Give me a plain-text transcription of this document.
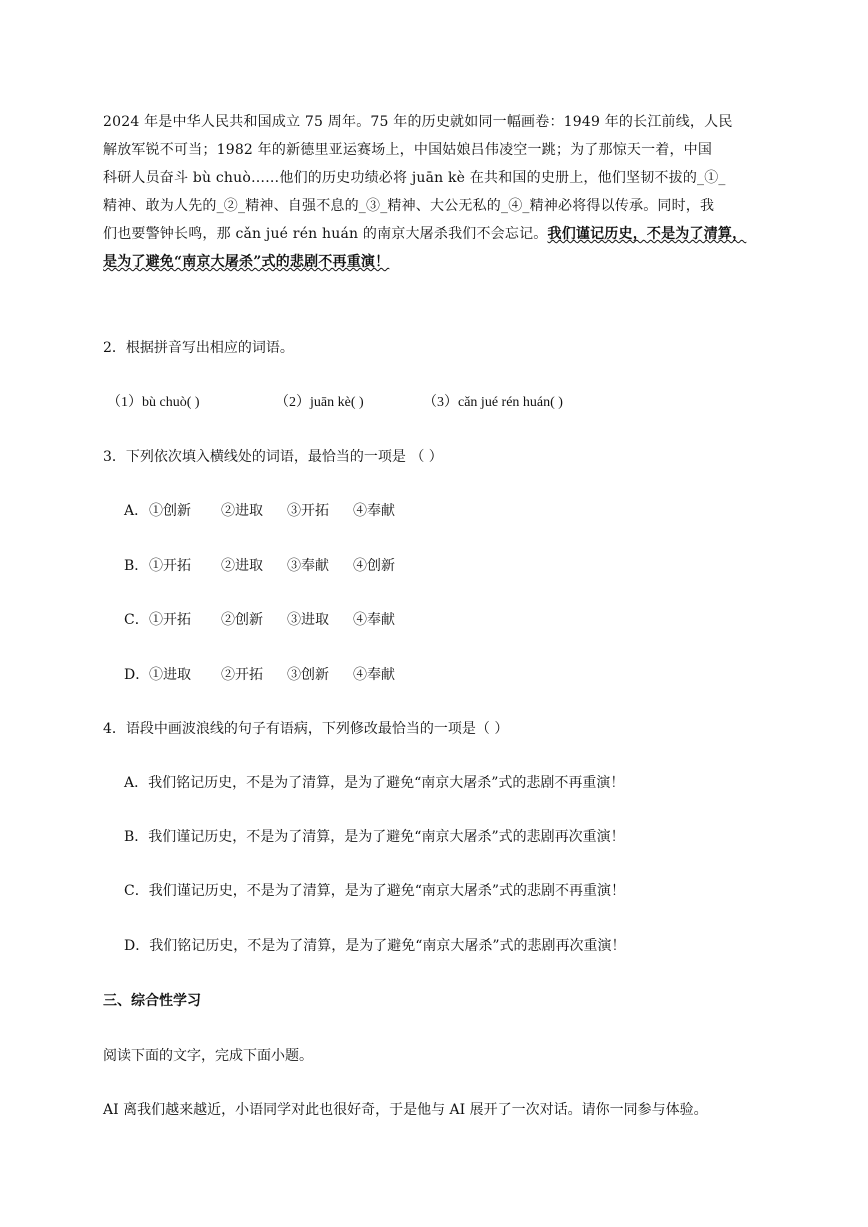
2024 年是中华人民共和国成立 75 周年。75 年的历史就如同一幅画卷：1949 年的长江前线，人民
解放军锐不可当；1982 年的新德里亚运赛场上，中国姑娘吕伟凌空一跳；为了那惊天一着，中国
科研人员奋斗 bù chuò……他们的历史功绩必将 juān kè 在共和国的史册上，他们坚韧不拔的_①_
精神、敢为人先的_②_精神、自强不息的_③_精神、大公无私的_④_精神必将得以传承。同时，我
们也要警钟长鸣，那 cǎn jué rén huán 的南京大屠杀我们不会忘记。我们谨记历史，不是为了清算，
是为了避免“南京大屠杀”式的悲剧不再重演！
2．根据拼音写出相应的词语。
（1）bù chuò( )	（2）juān kè( )	（3）cǎn jué rén huán( )
3．下列依次填入横线处的词语，最恰当的一项是 （ ）
A．①创新 ②进取 ③开拓 ④奉献
B．①开拓 ②进取 ③奉献 ④创新
C．①开拓 ②创新 ③进取 ④奉献
D．①进取 ②开拓 ③创新 ④奉献
4．语段中画波浪线的句子有语病，下列修改最恰当的一项是（ ）
A．我们铭记历史，不是为了清算，是为了避免“南京大屠杀”式的悲剧不再重演！
B．我们谨记历史，不是为了清算，是为了避免“南京大屠杀”式的悲剧再次重演！
C．我们谨记历史，不是为了清算，是为了避免“南京大屠杀”式的悲剧不再重演！
D．我们铭记历史，不是为了清算，是为了避免“南京大屠杀”式的悲剧再次重演！
三、综合性学习
阅读下面的文字，完成下面小题。
AI 离我们越来越近，小语同学对此也很好奇，于是他与 AI 展开了一次对话。请你一同参与体验。
